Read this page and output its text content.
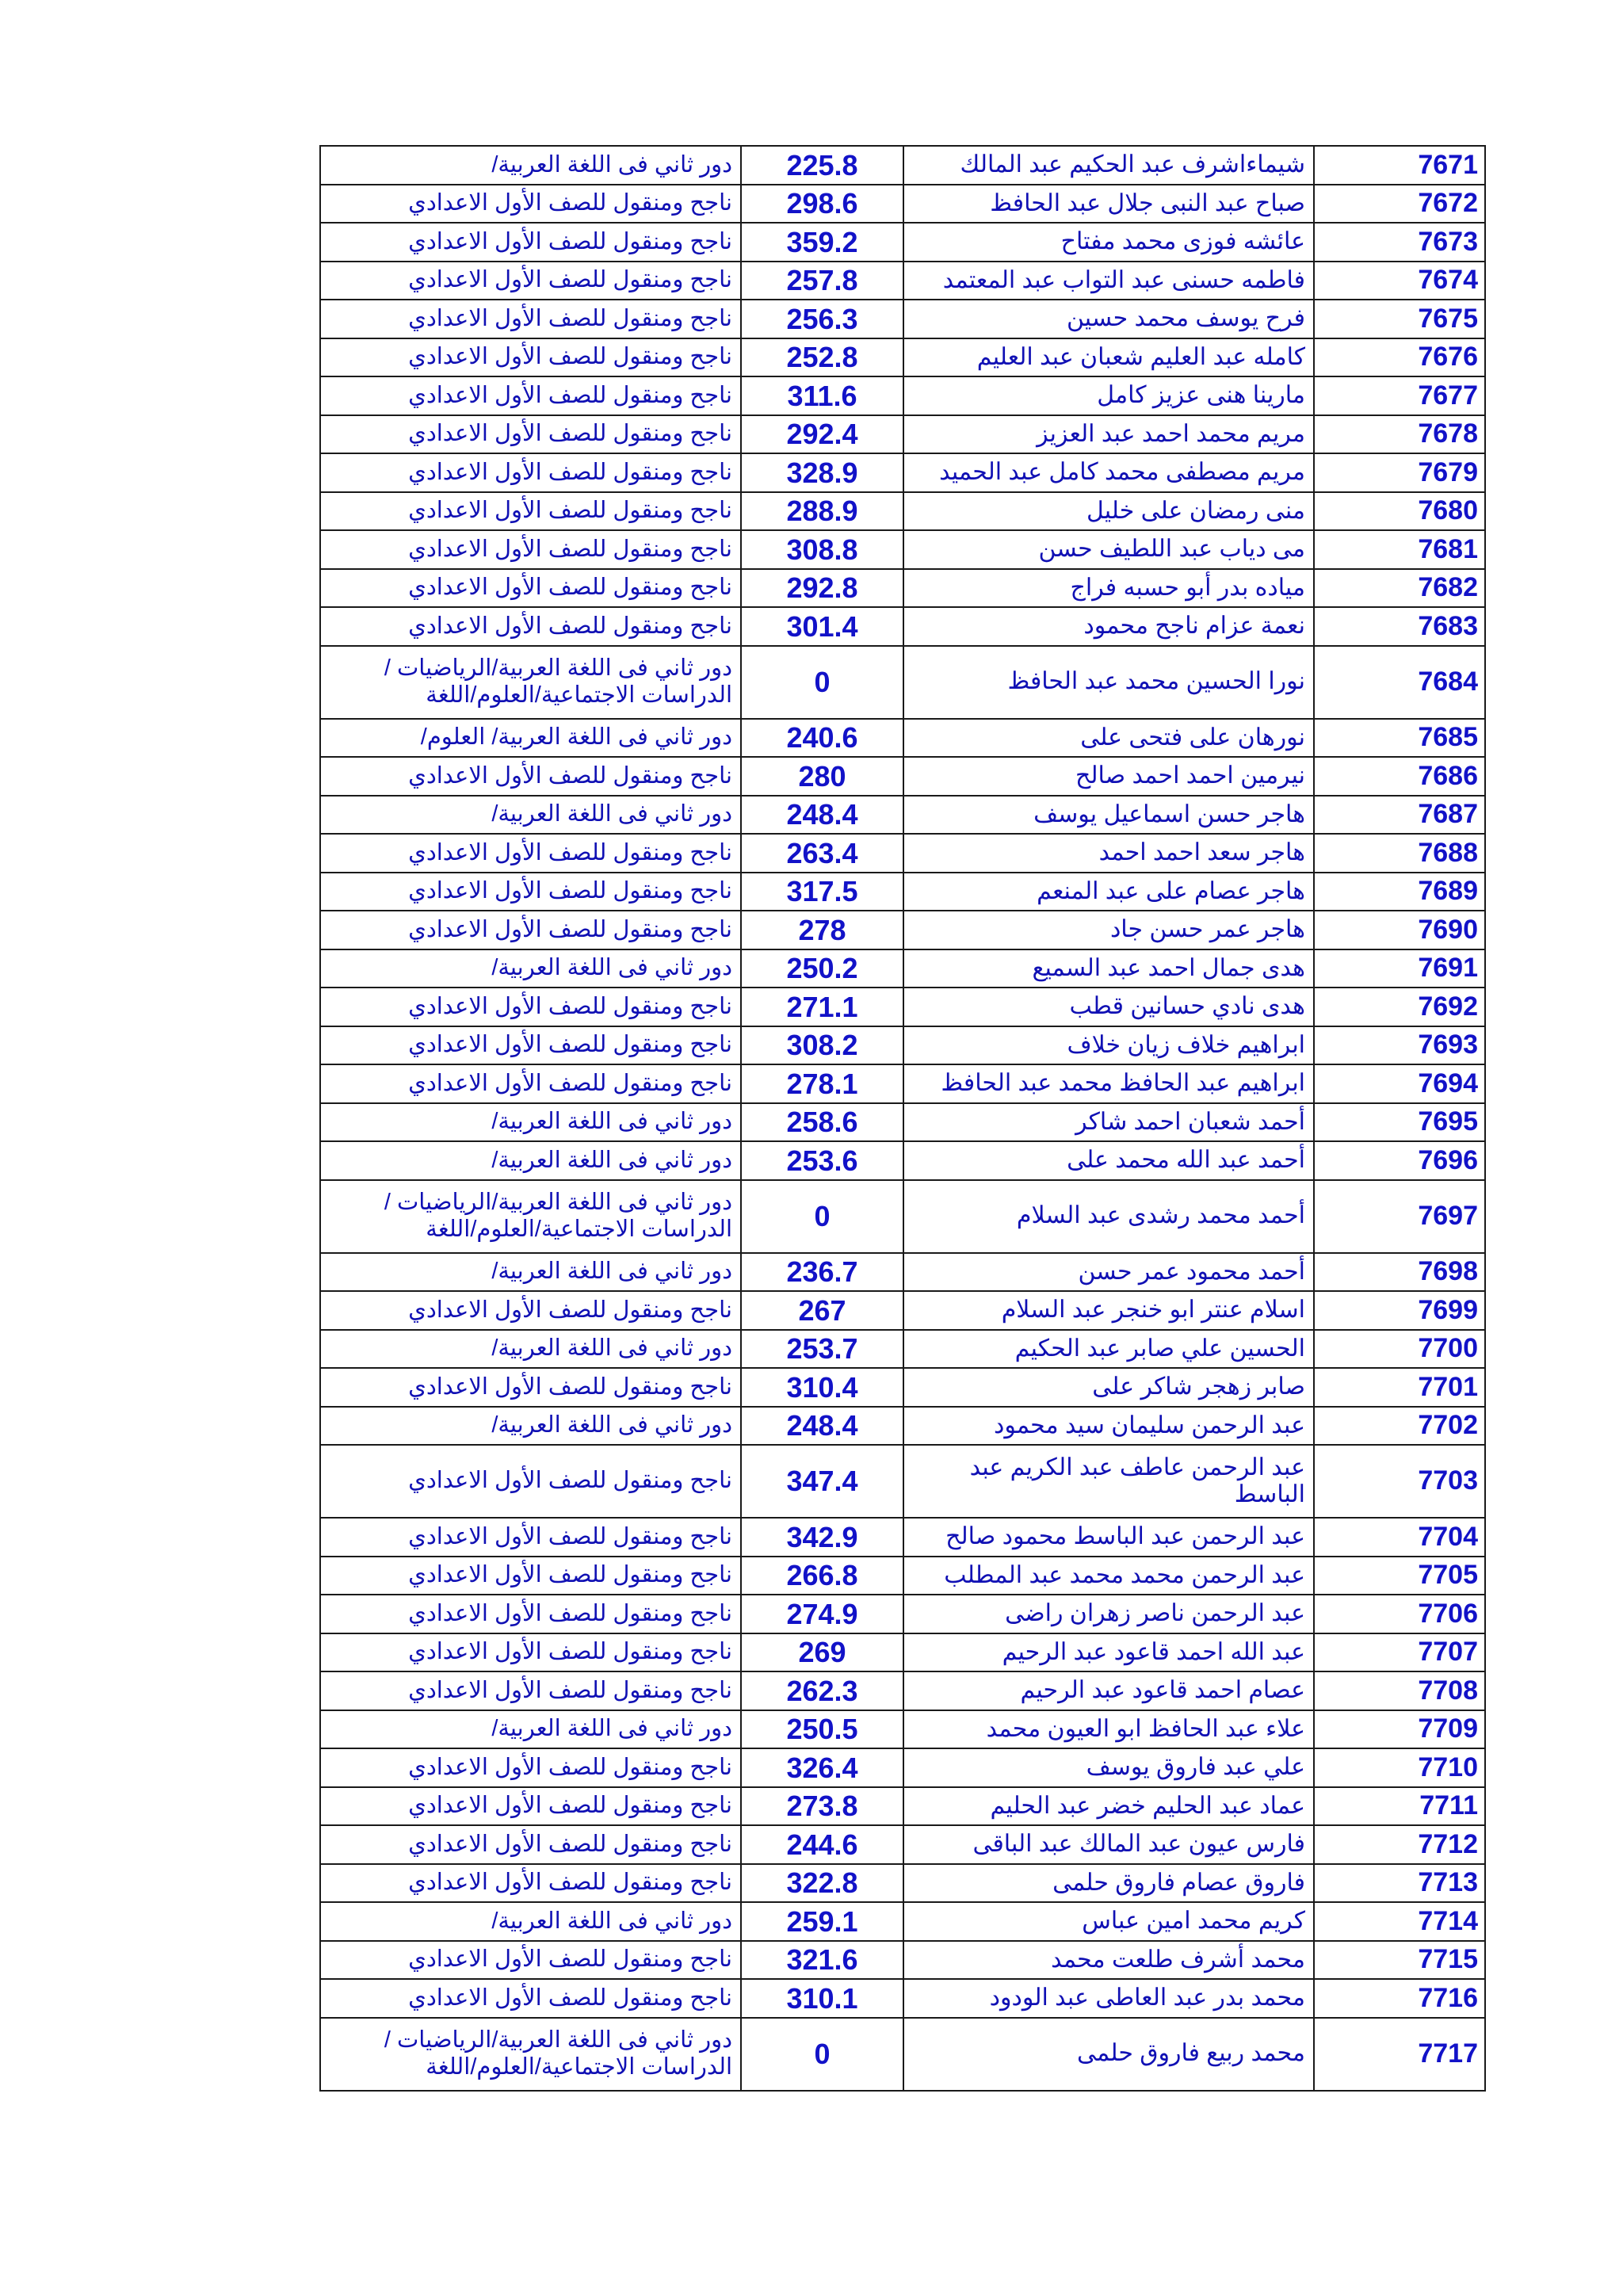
7671	شيماءاشرف عبد الحكيم عبد المالك	225.8	دور ثاني فى اللغة العربية/
7672	صباح عبد النبى جلال عبد الحافظ	298.6	ناجح ومنقول للصف الأول الاعدادي
7673	عائشه فوزى محمد مفتاح	359.2	ناجح ومنقول للصف الأول الاعدادي
7674	فاطمه حسنى عبد التواب عبد المعتمد	257.8	ناجح ومنقول للصف الأول الاعدادي
7675	فرح يوسف محمد حسين	256.3	ناجح ومنقول للصف الأول الاعدادي
7676	كامله عبد العليم شعبان عبد العليم	252.8	ناجح ومنقول للصف الأول الاعدادي
7677	مارينا هنى عزيز كامل	311.6	ناجح ومنقول للصف الأول الاعدادي
7678	مريم محمد احمد عبد العزيز	292.4	ناجح ومنقول للصف الأول الاعدادي
7679	مريم مصطفى محمد كامل عبد الحميد	328.9	ناجح ومنقول للصف الأول الاعدادي
7680	منى رمضان على خليل	288.9	ناجح ومنقول للصف الأول الاعدادي
7681	مى دياب عبد اللطيف حسن	308.8	ناجح ومنقول للصف الأول الاعدادي
7682	مياده بدر أبو حسبه فراج	292.8	ناجح ومنقول للصف الأول الاعدادي
7683	نعمة عزام ناجح محمود	301.4	ناجح ومنقول للصف الأول الاعدادي
7684	نورا الحسين محمد عبد الحافظ	0	دور ثاني فى اللغة العربية/الرياضيات / الدراسات الاجتماعية/العلوم/اللغة
7685	نورهان على فتحى على	240.6	دور ثاني فى اللغة العربية/ العلوم/
7686	نيرمين احمد احمد صالح	280	ناجح ومنقول للصف الأول الاعدادي
7687	هاجر حسن اسماعيل يوسف	248.4	دور ثاني فى اللغة العربية/
7688	هاجر سعد احمد احمد	263.4	ناجح ومنقول للصف الأول الاعدادي
7689	هاجر عصام على عبد المنعم	317.5	ناجح ومنقول للصف الأول الاعدادي
7690	هاجر عمر حسن جاد	278	ناجح ومنقول للصف الأول الاعدادي
7691	هدى جمال احمد عبد السميع	250.2	دور ثاني فى اللغة العربية/
7692	هدى نادي حسانين قطب	271.1	ناجح ومنقول للصف الأول الاعدادي
7693	ابراهيم خلاف زيان خلاف	308.2	ناجح ومنقول للصف الأول الاعدادي
7694	ابراهيم عبد الحافظ محمد عبد الحافظ	278.1	ناجح ومنقول للصف الأول الاعدادي
7695	أحمد شعبان احمد شاكر	258.6	دور ثاني فى اللغة العربية/
7696	أحمد عبد الله محمد على	253.6	دور ثاني فى اللغة العربية/
7697	أحمد محمد رشدى عبد السلام	0	دور ثاني فى اللغة العربية/الرياضيات / الدراسات الاجتماعية/العلوم/اللغة
7698	أحمد محمود عمر حسن	236.7	دور ثاني فى اللغة العربية/
7699	اسلام عنتر ابو خنجر عبد السلام	267	ناجح ومنقول للصف الأول الاعدادي
7700	الحسين علي صابر عبد الحكيم	253.7	دور ثاني فى اللغة العربية/
7701	صابر زهجر شاكر على	310.4	ناجح ومنقول للصف الأول الاعدادي
7702	عبد الرحمن سليمان سيد محمود	248.4	دور ثاني فى اللغة العربية/
7703	عبد الرحمن عاطف عبد الكريم عبد الباسط	347.4	ناجح ومنقول للصف الأول الاعدادي
7704	عبد الرحمن عبد الباسط محمود صالح	342.9	ناجح ومنقول للصف الأول الاعدادي
7705	عبد الرحمن محمد محمد عبد المطلب	266.8	ناجح ومنقول للصف الأول الاعدادي
7706	عبد الرحمن ناصر زهران راضى	274.9	ناجح ومنقول للصف الأول الاعدادي
7707	عبد الله احمد قاعود عبد الرحيم	269	ناجح ومنقول للصف الأول الاعدادي
7708	عصام احمد قاعود عبد الرحيم	262.3	ناجح ومنقول للصف الأول الاعدادي
7709	علاء عبد الحافظ ابو العيون محمد	250.5	دور ثاني فى اللغة العربية/
7710	علي عبد فاروق يوسف	326.4	ناجح ومنقول للصف الأول الاعدادي
7711	عماد عبد الحليم خضر عبد الحليم	273.8	ناجح ومنقول للصف الأول الاعدادي
7712	فارس عيون عبد المالك عبد الباقى	244.6	ناجح ومنقول للصف الأول الاعدادي
7713	فاروق عصام فاروق حلمى	322.8	ناجح ومنقول للصف الأول الاعدادي
7714	كريم محمد امين عباس	259.1	دور ثاني فى اللغة العربية/
7715	محمد أشرف طلعت محمد	321.6	ناجح ومنقول للصف الأول الاعدادي
7716	محمد بدر عبد العاطى عبد الودود	310.1	ناجح ومنقول للصف الأول الاعدادي
7717	محمد ربيع فاروق حلمى	0	دور ثاني فى اللغة العربية/الرياضيات / الدراسات الاجتماعية/العلوم/اللغة
